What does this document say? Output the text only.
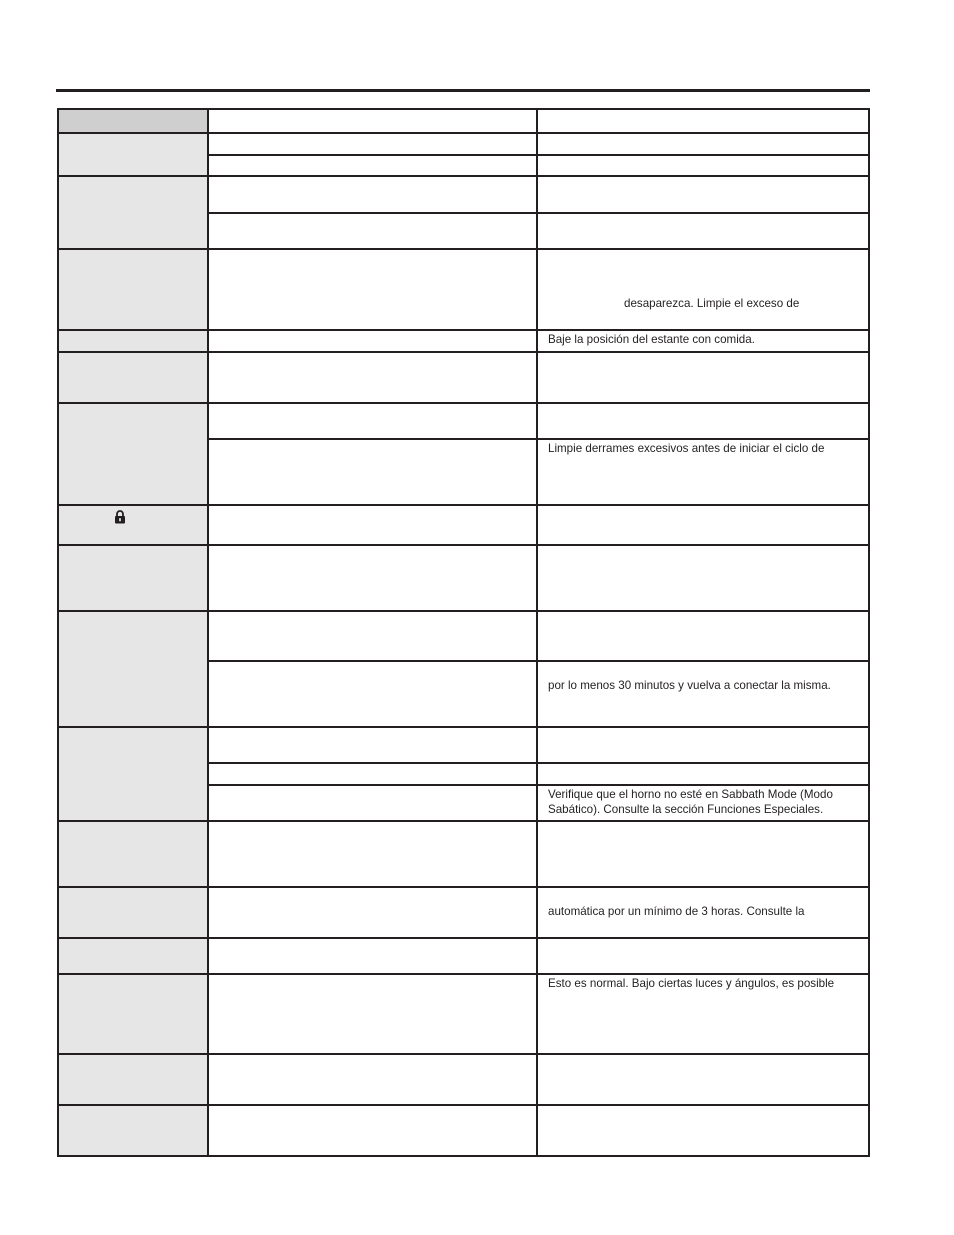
desaparezca. Limpie el exceso de
Baje la posición del estante con comida.
Limpie derrames excesivos antes de iniciar el ciclo de
por lo menos 30 minutos y vuelva a conectar la misma.
Verifique que el horno no esté en Sabbath Mode (Modo
Sabático). Consulte la sección Funciones Especiales.
automática por un mínimo de 3 horas. Consulte la
Esto es normal. Bajo ciertas luces y ángulos, es posible
